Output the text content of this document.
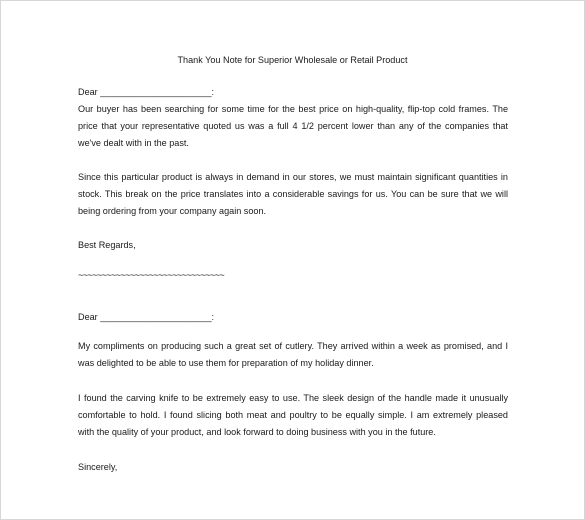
Thank You Note for Superior Wholesale or Retail Product
Dear ______________________:
Our buyer has been searching for some time for the best price on high-quality, flip-top cold frames. The
price that your representative quoted us was a full 4 1/2 percent lower than any of the companies that
we've dealt with in the past.
Since this particular product is always in demand in our stores, we must maintain significant quantities in
stock. This break on the price translates into a considerable savings for us. You can be sure that we will
being ordering from your company again soon.
Best Regards,
~~~~~~~~~~~~~~~~~~~~~~~~~~~~~~~
Dear ______________________:
My compliments on producing such a great set of cutlery. They arrived within a week as promised, and I
was delighted to be able to use them for preparation of my holiday dinner.
I found the carving knife to be extremely easy to use. The sleek design of the handle made it unusually
comfortable to hold. I found slicing both meat and poultry to be equally simple. I am extremely pleased
with the quality of your product, and look forward to doing business with you in the future.
Sincerely,
